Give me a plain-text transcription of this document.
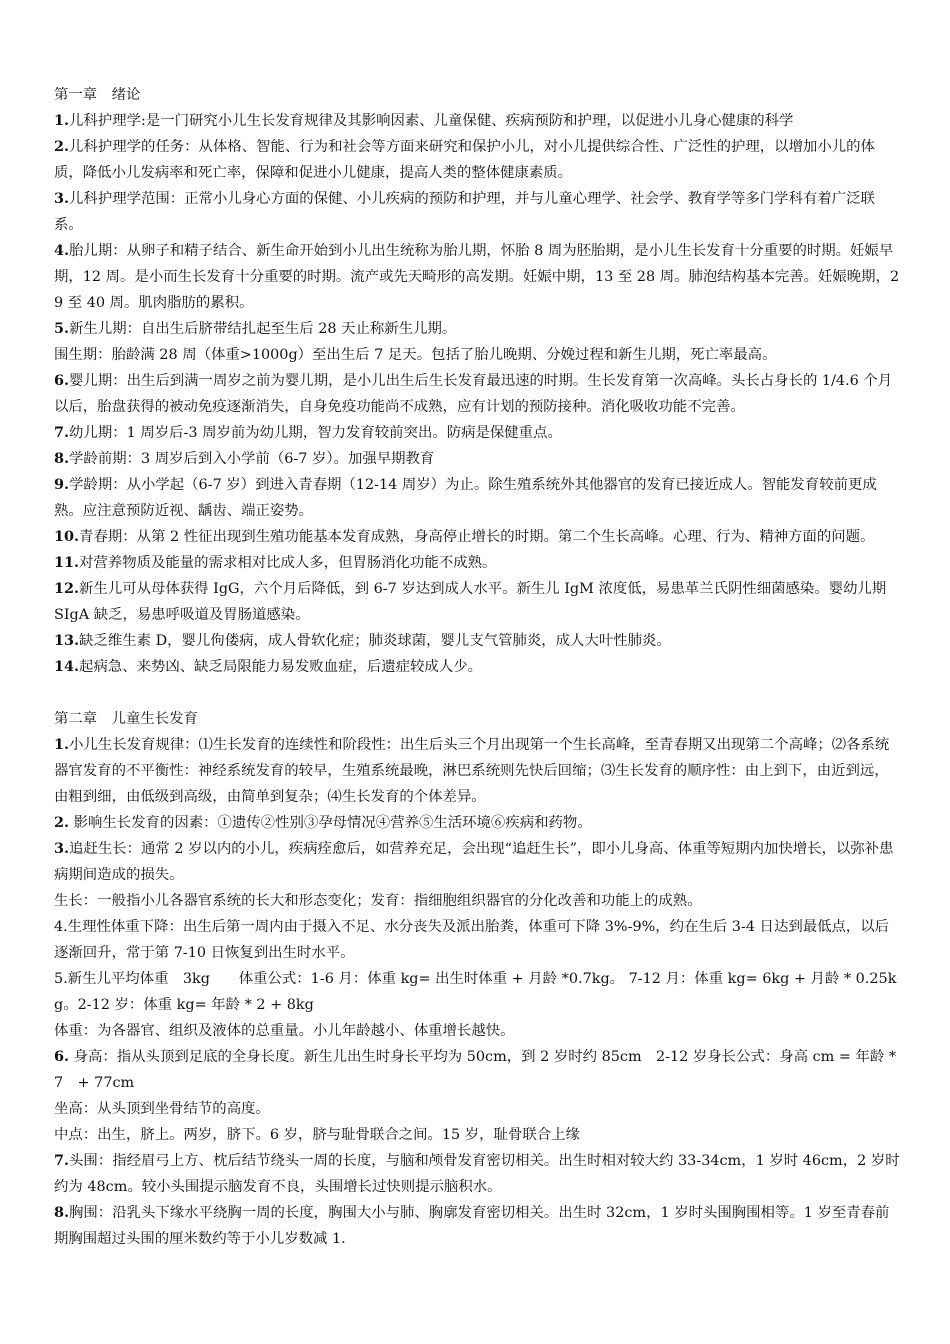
第一章　绪论

1.儿科护理学:是一门研究小儿生长发育规律及其影响因素、儿童保健、疾病预防和护理，以促进小儿身心健康的科学

2.儿科护理学的任务：从体格、智能、行为和社会等方面来研究和保护小儿，对小儿提供综合性、广泛性的护理，以增加小儿的体质，降低小儿发病率和死亡率，保障和促进小儿健康，提高人类的整体健康素质。

3.儿科护理学范围：正常小儿身心方面的保健、小儿疾病的预防和护理，并与儿童心理学、社会学、教育学等多门学科有着广泛联系。

4.胎儿期：从卵子和精子结合、新生命开始到小儿出生统称为胎儿期，怀胎 8 周为胚胎期，是小儿生长发育十分重要的时期。妊娠早期，12 周。是小而生长发育十分重要的时期。流产或先天畸形的高发期。妊娠中期，13 至 28 周。肺泡结构基本完善。妊娠晚期，29 至 40 周。肌肉脂肪的累积。

5.新生儿期：自出生后脐带结扎起至生后 28 天止称新生儿期。

围生期：胎龄满 28 周（体重>1000g）至出生后 7 足天。包括了胎儿晚期、分娩过程和新生儿期，死亡率最高。

6.婴儿期：出生后到满一周岁之前为婴儿期，是小儿出生后生长发育最迅速的时期。生长发育第一次高峰。头长占身长的 1/4.6 个月以后，胎盘获得的被动免疫逐渐消失，自身免疫功能尚不成熟，应有计划的预防接种。消化吸收功能不完善。

7.幼儿期：1 周岁后-3 周岁前为幼儿期，智力发育较前突出。防病是保健重点。

8.学龄前期：3 周岁后到入小学前（6-7 岁）。加强早期教育

9.学龄期：从小学起（6-7 岁）到进入青春期（12-14 周岁）为止。除生殖系统外其他器官的发育已接近成人。智能发育较前更成熟。应注意预防近视、龋齿、端正姿势。

10.青春期：从第 2 性征出现到生殖功能基本发育成熟，身高停止增长的时期。第二个生长高峰。心理、行为、精神方面的问题。

11.对营养物质及能量的需求相对比成人多，但胃肠消化功能不成熟。

12.新生儿可从母体获得 IgG，六个月后降低，到 6-7 岁达到成人水平。新生儿 IgM 浓度低，易患革兰氏阴性细菌感染。婴幼儿期 SIgA 缺乏，易患呼吸道及胃肠道感染。

13.缺乏维生素 D，婴儿佝偻病，成人骨软化症；肺炎球菌，婴儿支气管肺炎，成人大叶性肺炎。

14.起病急、来势凶、缺乏局限能力易发败血症，后遗症较成人少。

第二章　儿童生长发育

1.小儿生长发育规律：⑴生长发育的连续性和阶段性：出生后头三个月出现第一个生长高峰，至青春期又出现第二个高峰；⑵各系统器官发育的不平衡性：神经系统发育的较早，生殖系统最晚，淋巴系统则先快后回缩；⑶生长发育的顺序性：由上到下，由近到远，由粗到细，由低级到高级，由简单到复杂；⑷生长发育的个体差异。

2. 影响生长发育的因素：①遗传②性别③孕母情况④营养⑤生活环境⑥疾病和药物。

3.追赶生长：通常 2 岁以内的小儿，疾病痊愈后，如营养充足，会出现“追赶生长”，即小儿身高、体重等短期内加快增长，以弥补患病期间造成的损失。

生长：一般指小儿各器官系统的长大和形态变化；发育：指细胞组织器官的分化改善和功能上的成熟。

4.生理性体重下降：出生后第一周内由于摄入不足、水分丧失及派出胎粪，体重可下降 3%-9%，约在生后 3-4 日达到最低点，以后逐渐回升，常于第 7-10 日恢复到出生时水平。

5.新生儿平均体重　3kg　　体重公式：1-6 月：体重 kg= 出生时体重 + 月龄 *0.7kg。 7-12 月：体重 kg= 6kg + 月龄 * 0.25kg。2-12 岁：体重 kg= 年龄 * 2 + 8kg

体重：为各器官、组织及液体的总重量。小儿年龄越小、体重增长越快。

6. 身高：指从头顶到足底的全身长度。新生儿出生时身长平均为 50cm，到 2 岁时约 85cm　2-12 岁身长公式：身高 cm = 年龄 *7　+ 77cm

坐高：从头顶到坐骨结节的高度。

中点：出生，脐上。两岁，脐下。6 岁，脐与耻骨联合之间。15 岁，耻骨联合上缘

7.头围：指经眉弓上方、枕后结节绕头一周的长度，与脑和颅骨发育密切相关。出生时相对较大约 33-34cm，1 岁时 46cm，2 岁时约为 48cm。较小头围提示脑发育不良，头围增长过快则提示脑积水。

8.胸围：沿乳头下缘水平绕胸一周的长度，胸围大小与肺、胸廓发育密切相关。出生时 32cm，1 岁时头围胸围相等。1 岁至青春前期胸围超过头围的厘米数约等于小儿岁数减 1.
